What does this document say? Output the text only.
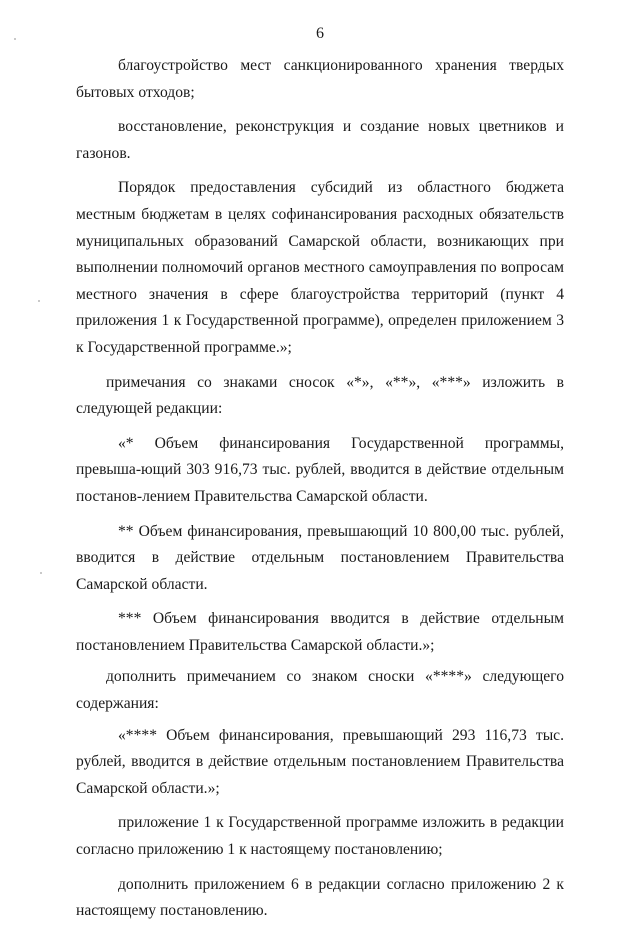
6

благоустройство мест санкционированного хранения твердых бытовых отходов;

восстановление, реконструкция и создание новых цветников и газонов.

Порядок предоставления субсидий из областного бюджета местным бюджетам в целях софинансирования расходных обязательств муниципальных образований Самарской области, возникающих при выполнении полномочий органов местного самоуправления по вопросам местного значения в сфере благоустройства территорий (пункт 4 приложения 1 к Государственной программе), определен приложением 3 к Государственной программе.»;

примечания со знаками сносок «*», «**», «***» изложить в следующей редакции:

«* Объем финансирования Государственной программы, превыша-ющий 303 916,73 тыс. рублей, вводится в действие отдельным постанов-лением Правительства Самарской области.

** Объем финансирования, превышающий 10 800,00 тыс. рублей, вводится в действие отдельным постановлением Правительства Самарской области.

*** Объем финансирования вводится в действие отдельным постановлением Правительства Самарской области.»;

дополнить примечанием со знаком сноски «****» следующего содержания:

«**** Объем финансирования, превышающий 293 116,73 тыс. рублей, вводится в действие отдельным постановлением Правительства Самарской области.»;

приложение 1 к Государственной программе изложить в редакции согласно приложению 1 к настоящему постановлению;

дополнить приложением 6 в редакции согласно приложению 2 к настоящему постановлению.
